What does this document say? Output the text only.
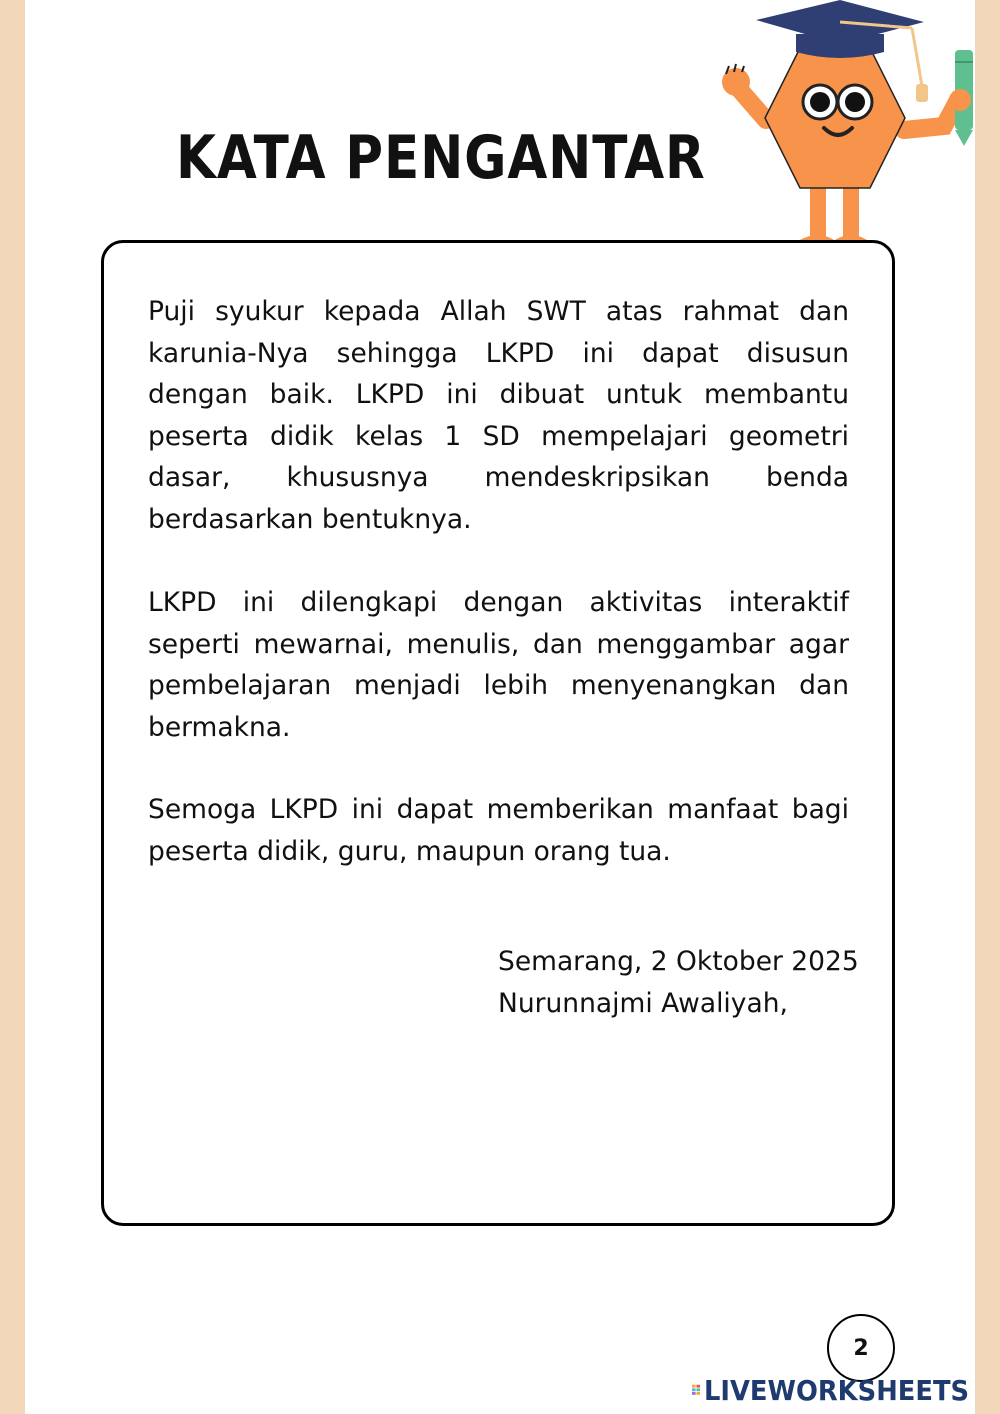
KATA PENGANTAR

Puji syukur kepada Allah SWT atas rahmat dan karunia-Nya sehingga LKPD ini dapat disusun dengan baik. LKPD ini dibuat untuk membantu peserta didik kelas 1 SD mempelajari geometri dasar, khususnya mendeskripsikan benda berdasarkan bentuknya.

LKPD ini dilengkapi dengan aktivitas interaktif seperti mewarnai, menulis, dan menggambar agar pembelajaran menjadi lebih menyenangkan dan bermakna.

Semoga LKPD ini dapat memberikan manfaat bagi peserta didik, guru, maupun orang tua.

Semarang, 2 Oktober 2025
Nurunnajmi Awaliyah,
2
LIVEWORKSHEETS
